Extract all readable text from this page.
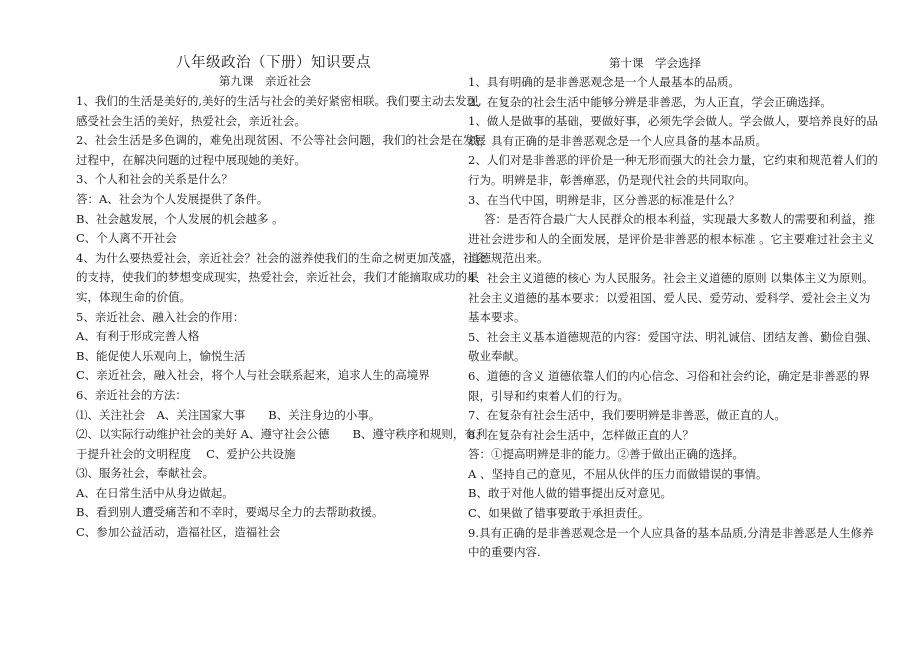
八年级政治（下册）知识要点
第九课　亲近社会
1、我们的生活是美好的,美好的生活与社会的美好紧密相联。我们要主动去发现,
感受社会生活的美好，热爱社会，亲近社会。
2、社会生活是多色调的，难免出现贫困、不公等社会问题，我们的社会是在发展
过程中，在解决问题的过程中展现她的美好。
3、个人和社会的关系是什么？
答：A、社会为个人发展提供了条件。
B、社会越发展，个人发展的机会越多 。
C、个人离不开社会
4、为什么要热爱社会，亲近社会？社会的滋养使我们的生命之树更加茂盛，社会
的支持，使我们的梦想变成现实，热爱社会，亲近社会，我们才能摘取成功的果
实，体现生命的价值。
5、亲近社会、融入社会的作用：
A、有利于形成完善人格
B、能促使人乐观向上，愉悦生活
C、亲近社会，融入社会，将个人与社会联系起来，追求人生的高境界
6、亲近社会的方法：
⑴、关注社会　A、关注国家大事　　B、关注身边的小事。
⑵、以实际行动维护社会的美好 A、遵守社会公德　　B、遵守秩序和规则，有利
于提升社会的文明程度　 C、爱护公共设施
⑶、服务社会，奉献社会。
A、在日常生活中从身边做起。
B、看到别人遭受痛苦和不幸时，要竭尽全力的去帮助救援。
C、参加公益活动，造福社区，造福社会
第十课　学会选择
1、具有明确的是非善恶观念是一个人最基本的品质。
2、在复杂的社会生活中能够分辨是非善恶，为人正直，学会正确选择。
1、做人是做事的基础，要做好事，必须先学会做人。学会做人，要培养良好的品
质，具有正确的是非善恶观念是一个人应具备的基本品质。
2、人们对是非善恶的评价是一种无形而强大的社会力量，它约束和规范着人们的
行为。明辨是非，彰善瘅恶，仍是现代社会的共同取向。
3、在当代中国，明辨是非，区分善恶的标准是什么？
答：是否符合最广大人民群众的根本利益，实现最大多数人的需要和利益，推
进社会进步和人的全面发展，是评价是非善恶的根本标准 。它主要难过社会主义
道德规范出来。
4、社会主义道德的核心 为人民服务。社会主义道德的原则 以集体主义为原则。
社会主义道德的基本要求：以爱祖国、爱人民、爱劳动、爱科学、爱社会主义为
基本要求。
5、社会主义基本道德规范的内容：爱国守法、明礼诚信、团结友善、勤俭自强、
敬业奉献。
6、道德的含义 道德依靠人们的内心信念、习俗和社会约论，确定是非善恶的界
限，引导和约束着人们的行为。
7、在复杂有社会生活中，我们要明辨是非善恶，做正直的人。
8、在复杂有社会生活中，怎样做正直的人？
答：①提高明辨是非的能力。②善于做出正确的选择。
A 、坚持自己的意见，不屈从伙伴的压力而做错误的事情。
B、敢于对他人做的错事提出反对意见。
C、如果做了错事要敢于承担责任。
9.具有正确的是非善恶观念是一个人应具备的基本品质,分清是非善恶是人生修养
中的重要内容.
